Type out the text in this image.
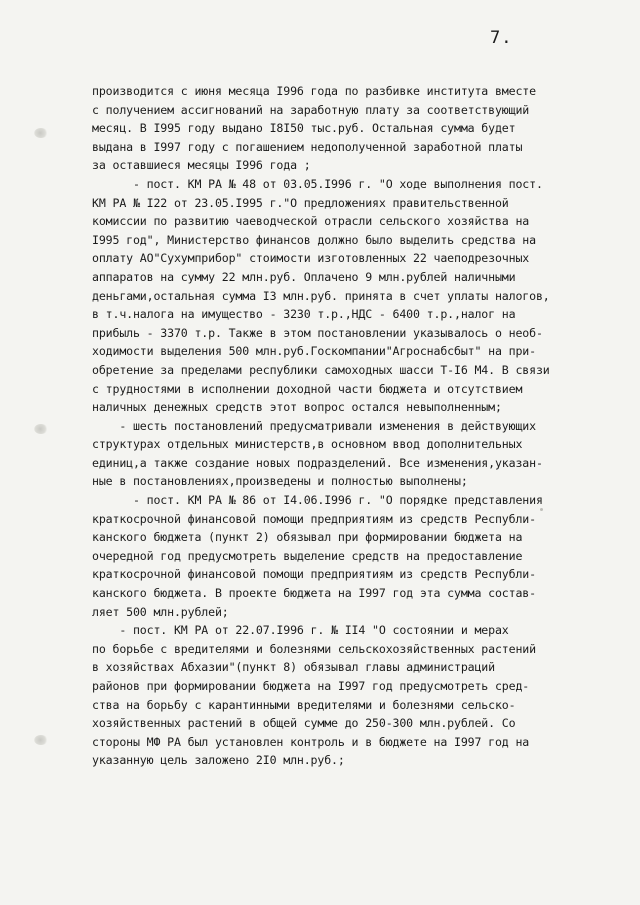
7.
производится с июня месяца I996 года по разбивке института вместе
с получением ассигнований на заработную плату за соответствующий
месяц. В I995 году выдано I8I50 тыс.руб. Остальная сумма будет
выдана в I997 году с погашением недополученной заработной платы
за оставшиеся месяцы I996 года ;
- пост. КМ РА № 48 от 03.05.I996 г. "О ходе выполнения пост.
КМ РА № I22 от 23.05.I995 г."О предложениях правительственной
комиссии по развитию чаеводческой отрасли сельского хозяйства на
I995 год", Министерство финансов должно было выделить средства на
оплату АО"Сухумприбор" стоимости изготовленных 22 чаеподрезочных
аппаратов на сумму 22 млн.руб. Оплачено 9 млн.рублей наличными
деньгами,остальная сумма I3 млн.руб. принята в счет уплаты налогов,
в т.ч.налога на имущество - 3230 т.р.,НДС - 6400 т.р.,налог на
прибыль - 3370 т.р. Также в этом постановлении указывалось о необ-
ходимости выделения 500 млн.руб.Госкомпании"Агроснабсбыт" на при-
обретение за пределами республики самоходных шасси Т-I6 М4. В связи
с трудностями в исполнении доходной части бюджета и отсутствием
наличных денежных средств этот вопрос остался невыполненным;
- шесть постановлений предусматривали изменения в действующих
структурах отдельных министерств,в основном ввод дополнительных
единиц,а также создание новых подразделений. Все изменения,указан-
ные в постановлениях,произведены и полностью выполнены;
- пост. КМ РА № 86 от I4.06.I996 г. "О порядке представления
краткосрочной финансовой помощи предприятиям из средств Республи-
канского бюджета (пункт 2) обязывал при формировании бюджета на
очередной год предусмотреть выделение средств на предоставление
краткосрочной финансовой помощи предприятиям из средств Республи-
канского бюджета. В проекте бюджета на I997 год эта сумма состав-
ляет 500 млн.рублей;
- пост. КМ РА от 22.07.I996 г. № II4 "О состоянии и мерах
по борьбе с вредителями и болезнями сельскохозяйственных растений
в хозяйствах Абхазии"(пункт 8) обязывал главы администраций
районов при формировании бюджета на I997 год предусмотреть сред-
ства на борьбу с карантинными вредителями и болезнями сельско-
хозяйственных растений в общей сумме до 250-300 млн.рублей. Со
стороны МФ РА был установлен контроль и в бюджете на I997 год на
указанную цель заложено 2I0 млн.руб.;
